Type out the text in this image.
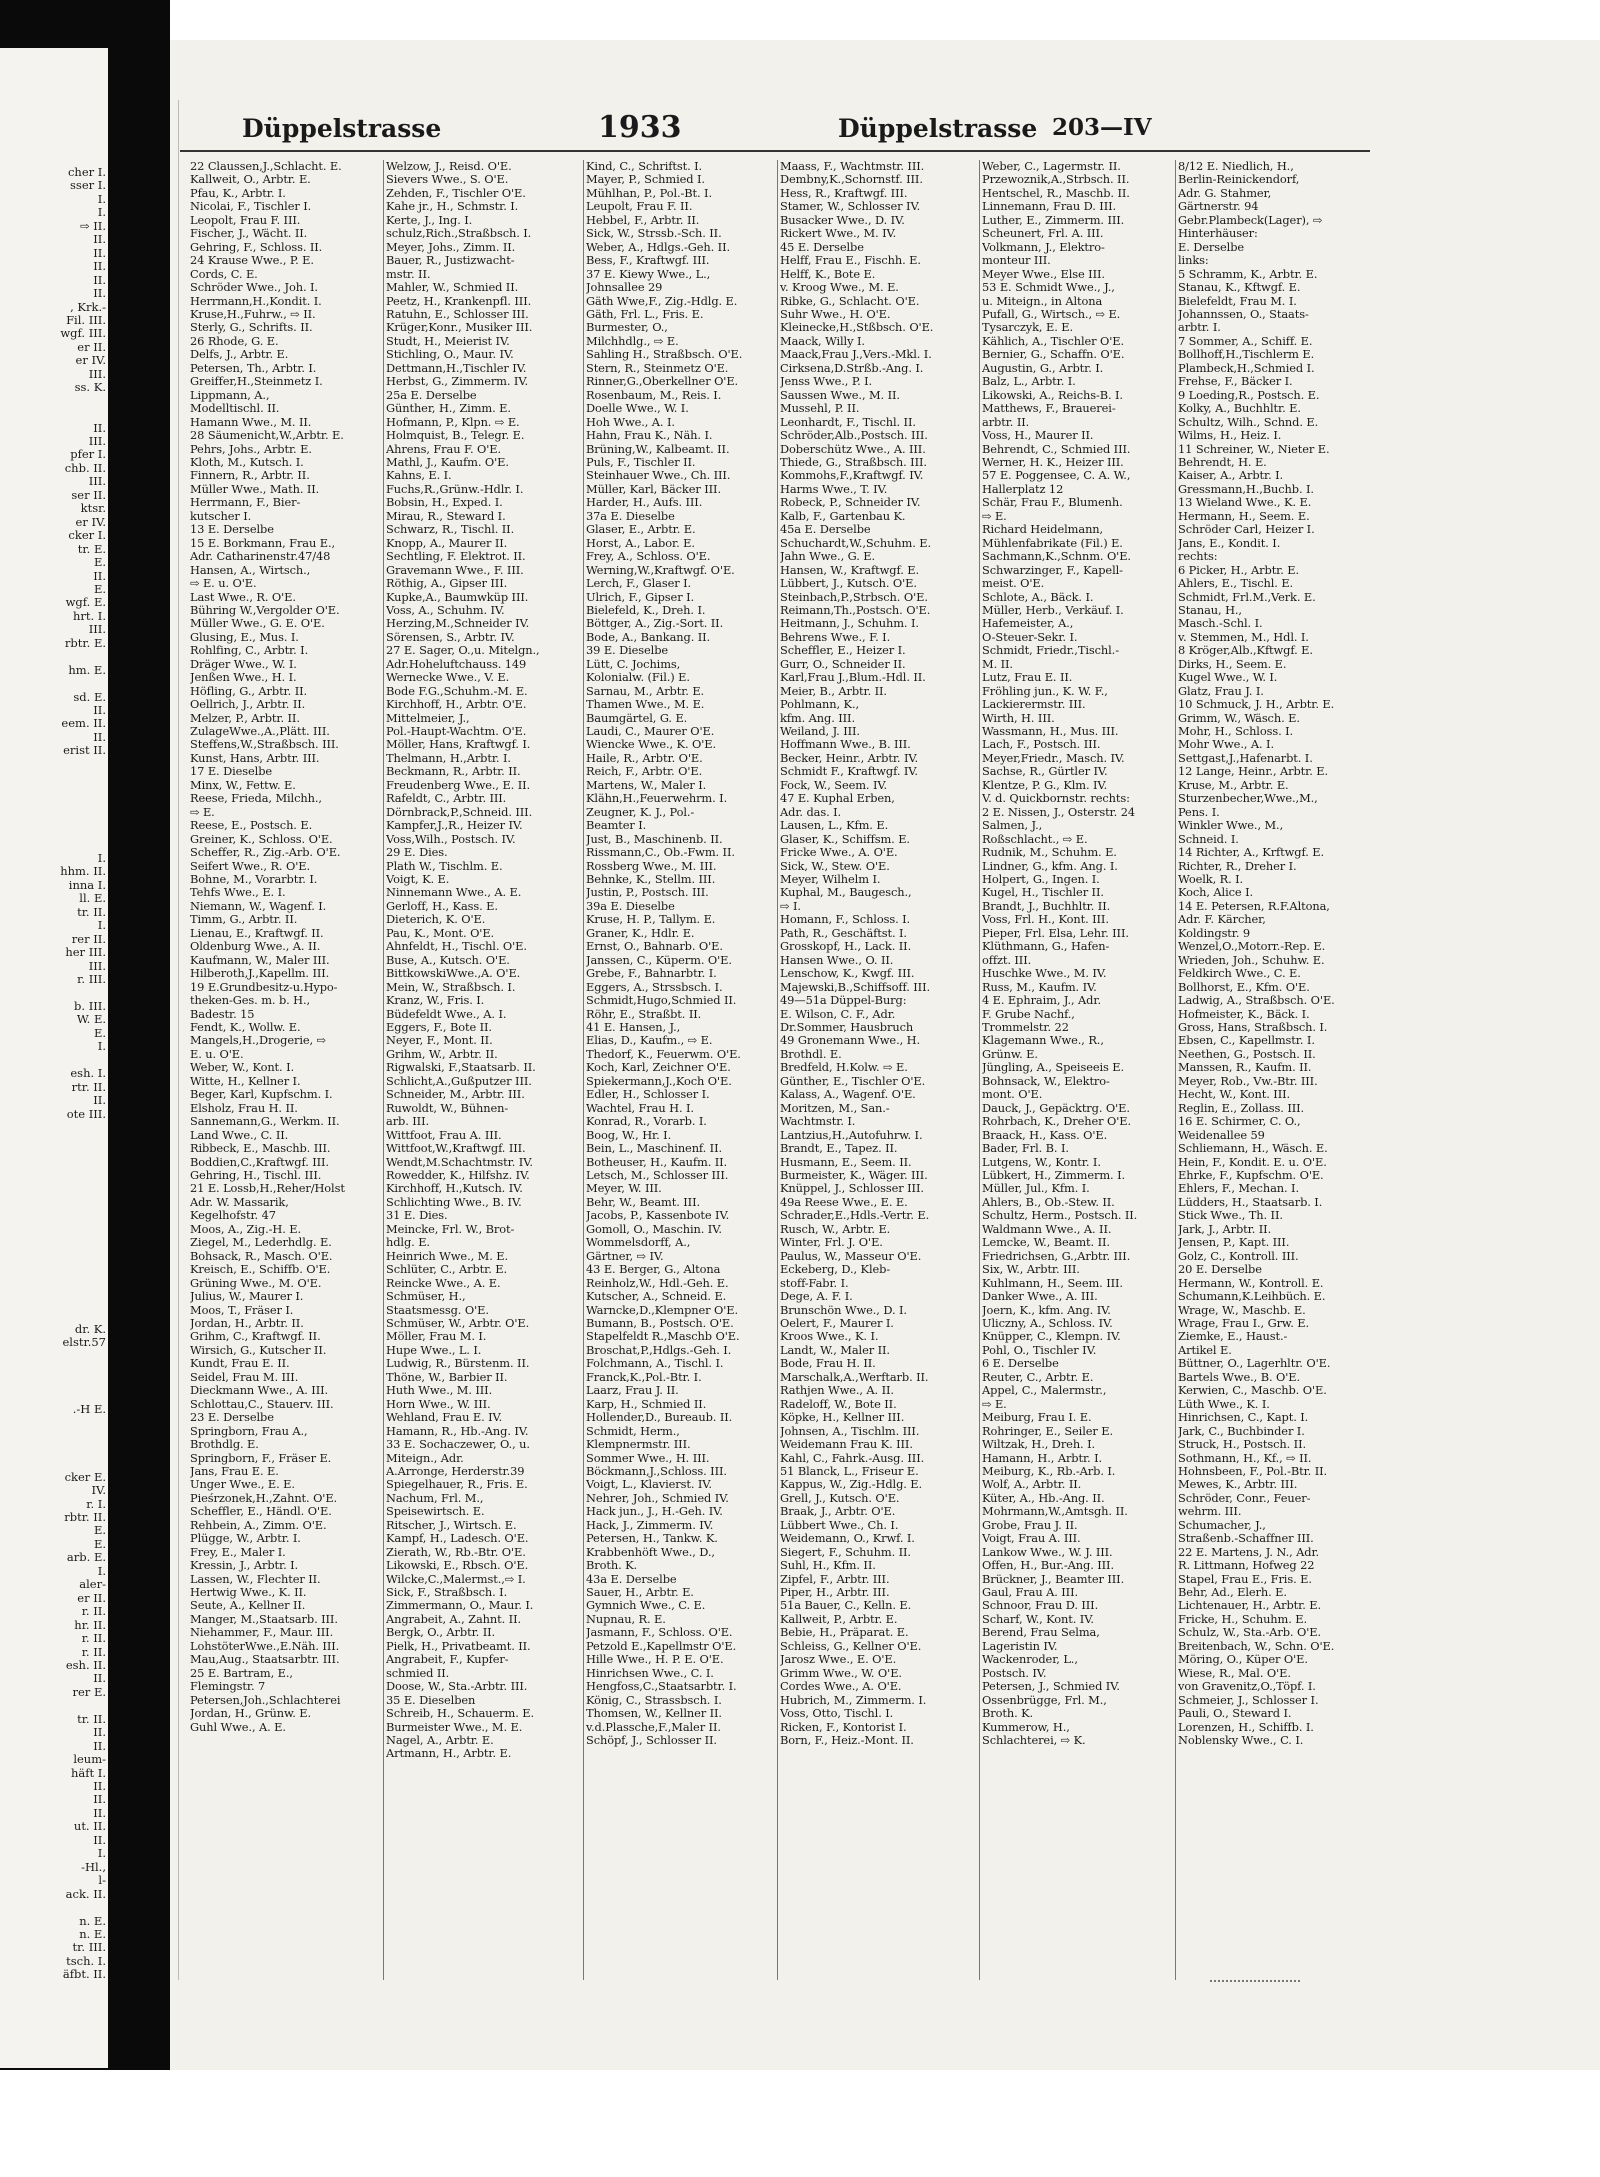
cher I.
sser I.
I.
I.
⇨ II.
II.
II.
II.
II.
II.
, Krk.-
Fil. III.
wgf. III.
er II.
er IV.
III.
ss. K.
II.
III.
pfer I.
chb. II.
III.
ser II.
ktsr.
er IV.
cker I.
tr. E.
E.
II.
E.
wgf. E.
hrt. I.
III.
rbtr. E.
hm. E.
sd. E.
II.
eem. II.
II.
erist II.
I.
hhm. II.
inna I.
ll. E.
tr. II.
I.
rer II.
her III.
III.
r. III.
b. III.
W. E.
E.
I.
esh. I.
rtr. II.
II.
ote III.
dr. K.
elstr.57
.-H E.
cker E.
IV.
r. I.
rbtr. II.
E.
E.
arb. E.
I.
aler-
er II.
r. II.
hr. II.
r. II.
r. II.
esh. II.
II.
rer E.
tr. II.
II.
II.
leum-
häft I.
II.
II.
II.
ut. II.
II.
I.
-Hl.,
l-
ack. II.
n. E.
n. E.
tr. III.
tsch. I.
äfbt. II.
Düppelstrasse	1933	Düppelstrasse 203—IV
22 Claussen,J.,Schlacht. E.
Kallweit, O., Arbtr. E.
Pfau, K., Arbtr. I.
Nicolai, F., Tischler I.
Leopolt, Frau F. III.
Fischer, J., Wächt. II.
Gehring, F., Schloss. II.
24 Krause Wwe., P. E.
Cords, C. E.
Schröder Wwe., Joh. I.
Herrmann,H.,Kondit. I.
Kruse,H.,Fuhrw., ⇨ II.
Sterly, G., Schrifts. II.
26 Rhode, G. E.
Delfs, J., Arbtr. E.
Petersen, Th., Arbtr. I.
Greiffer,H.,Steinmetz I.
Lippmann, A.,
Modelltischl. II.
Hamann Wwe., M. II.
28 Säumenicht,W.,Arbtr. E.
Pehrs, Johs., Arbtr. E.
Kloth, M., Kutsch. I.
Finnern, R., Arbtr. II.
Müller Wwe., Math. II.
Herrmann, F., Bier-
kutscher I.
13 E. Derselbe
15 E. Borkmann, Frau E.,
Adr. Catharinenstr.47/48
Hansen, A., Wirtsch.,
⇨ E. u. O'E.
Last Wwe., R. O'E.
Bühring W.,Vergolder O'E.
Müller Wwe., G. E. O'E.
Glusing, E., Mus. I.
Rohlfing, C., Arbtr. I.
Dräger Wwe., W. I.
Jenßen Wwe., H. I.
Höfling, G., Arbtr. II.
Oellrich, J., Arbtr. II.
Melzer, P., Arbtr. II.
ZulageWwe.,A.,Plätt. III.
Steffens,W.,Straßbsch. III.
Kunst, Hans, Arbtr. III.
17 E. Dieselbe
Minx, W., Fettw. E.
Reese, Frieda, Milchh.,
⇨ E.
Reese, E., Postsch. E.
Greiner, K., Schloss. O'E.
Scheffer, R., Zig.-Arb. O'E.
Seifert Wwe., R. O'E.
Bohne, M., Vorarbtr. I.
Tehfs Wwe., E. I.
Niemann, W., Wagenf. I.
Timm, G., Arbtr. II.
Lienau, E., Kraftwgf. II.
Oldenburg Wwe., A. II.
Kaufmann, W., Maler III.
Hilberoth,J.,Kapellm. III.
19 E.Grundbesitz-u.Hypo-
theken-Ges. m. b. H.,
Badestr. 15
Fendt, K., Wollw. E.
Mangels,H.,Drogerie, ⇨
E. u. O'E.
Weber, W., Kont. I.
Witte, H., Kellner I.
Beger, Karl, Kupfschm. I.
Elsholz, Frau H. II.
Sannemann,G., Werkm. II.
Land Wwe., C. II.
Ribbeck, E., Maschb. III.
Boddien,C.,Kraftwgf. III.
Gehring, H., Tischl. III.
21 E. Lossb,H.,Reher/Holst
Adr. W. Massarik,
Kegelhofstr. 47
Moos, A., Zig.-H. E.
Ziegel, M., Lederhdlg. E.
Bohsack, R., Masch. O'E.
Kreisch, E., Schiffb. O'E.
Grüning Wwe., M. O'E.
Julius, W., Maurer I.
Moos, T., Fräser I.
Jordan, H., Arbtr. II.
Grihm, C., Kraftwgf. II.
Wirsich, G., Kutscher II.
Kundt, Frau E. II.
Seidel, Frau M. III.
Dieckmann Wwe., A. III.
Schlottau,C., Stauerv. III.
23 E. Derselbe
Springborn, Frau A.,
Brothdlg. E.
Springborn, F., Fräser E.
Jans, Frau E. E.
Unger Wwe., E. E.
Pieśrzonek,H.,Zahnt. O'E.
Scheffler, E., Händl. O'E.
Rehbein, A., Zimm. O'E.
Plügge, W., Arbtr. I.
Frey, E., Maler I.
Kressin, J., Arbtr. I.
Lassen, W., Flechter II.
Hertwig Wwe., K. II.
Seute, A., Kellner II.
Manger, M.,Staatsarb. III.
Niehammer, F., Maur. III.
LohstöterWwe.,E.Näh. III.
Mau,Aug., Staatsarbtr. III.
25 E. Bartram, E.,
Flemingstr. 7
Petersen,Joh.,Schlachterei
Jordan, H., Grünw. E.
Guhl Wwe., A. E.
Welzow, J., Reisd. O'E.
Sievers Wwe., S. O'E.
Zehden, F., Tischler O'E.
Kahe jr., H., Schmstr. I.
Kerte, J., Ing. I.
schulz,Rich.,Straßbsch. I.
Meyer, Johs., Zimm. II.
Bauer, R., Justizwacht-
mstr. II.
Mahler, W., Schmied II.
Peetz, H., Krankenpfl. III.
Ratuhn, E., Schlosser III.
Krüger,Konr., Musiker III.
Studt, H., Meierist IV.
Stichling, O., Maur. IV.
Dettmann,H.,Tischler IV.
Herbst, G., Zimmerm. IV.
25a E. Derselbe
Günther, H., Zimm. E.
Hofmann, P., Klpn. ⇨ E.
Holmquist, B., Telegr. E.
Ahrens, Frau F. O'E.
Mathl, J., Kaufm. O'E.
Kahns, E. I.
Fuchs,R.,Grünw.-Hdlr. I.
Bobsin, H., Exped. I.
Mirau, R., Steward I.
Schwarz, R., Tischl. II.
Knopp, A., Maurer II.
Sechtling, F. Elektrot. II.
Gravemann Wwe., F. III.
Röthig, A., Gipser III.
Kupke,A., Baumwküp III.
Voss, A., Schuhm. IV.
Herzing,M.,Schneider IV.
Sörensen, S., Arbtr. IV.
27 E. Sager, O.,u. Mitelgn.,
Adr.Hoheluftchauss. 149
Wernecke Wwe., V. E.
Bode F.G.,Schuhm.-M. E.
Kirchhoff, H., Arbtr. O'E.
Mittelmeier, J.,
Pol.-Haupt-Wachtm. O'E.
Möller, Hans, Kraftwgf. I.
Thelmann, H.,Arbtr. I.
Beckmann, R., Arbtr. II.
Freudenberg Wwe., E. II.
Rafeldt, C., Arbtr. III.
Dörnbrack,P.,Schneid. III.
Kampfer,J.,R., Heizer IV.
Voss,Wilh., Postsch. IV.
29 E. Dies.
Plath W., Tischlm. E.
Voigt, K. E.
Ninnemann Wwe., A. E.
Gerloff, H., Kass. E.
Dieterich, K. O'E.
Pau, K., Mont. O'E.
Ahnfeldt, H., Tischl. O'E.
Buse, A., Kutsch. O'E.
BittkowskiWwe.,A. O'E.
Mein, W., Straßbsch. I.
Kranz, W., Fris. I.
Büdefeldt Wwe., A. I.
Eggers, F., Bote II.
Neyer, F., Mont. II.
Grihm, W., Arbtr. II.
Rigwalski, F.,Staatsarb. II.
Schlicht,A.,Gußputzer III.
Schneider, M., Arbtr. III.
Ruwoldt, W., Bühnen-
arb. III.
Wittfoot, Frau A. III.
Wittfoot,W.,Kraftwgf. III.
Wendt,M.Schachtmstr. IV.
Rowedder, K., Hilfshz. IV.
Kirchhoff, H.,Kutsch. IV.
Schlichting Wwe., B. IV.
31 E. Dies.
Meincke, Frl. W., Brot-
hdlg. E.
Heinrich Wwe., M. E.
Schlüter, C., Arbtr. E.
Reincke Wwe., A. E.
Schmüser, H.,
Staatsmessg. O'E.
Schmüser, W., Arbtr. O'E.
Möller, Frau M. I.
Hupe Wwe., L. I.
Ludwig, R., Bürstenm. II.
Thöne, W., Barbier II.
Huth Wwe., M. III.
Horn Wwe., W. III.
Wehland, Frau E. IV.
Hamann, R., Hb.-Ang. IV.
33 E. Sochaczewer, O., u.
Miteign., Adr.
A.Arronge, Herderstr.39
Spiegelhauer, R., Fris. E.
Nachum, Frl. M.,
Speisewirtsch. E.
Ritscher, J., Wirtsch. E.
Kampf, H., Ladesch. O'E.
Zierath, W., Rb.-Btr. O'E.
Likowski, E., Rbsch. O'E.
Wilcke,C.,Malermst.,⇨ I.
Sick, F., Straßbsch. I.
Zimmermann, O., Maur. I.
Angrabeit, A., Zahnt. II.
Bergk, O., Arbtr. II.
Pielk, H., Privatbeamt. II.
Angrabeit, F., Kupfer-
schmied II.
Doose, W., Sta.-Arbtr. III.
35 E. Dieselben
Schreib, H., Schauerm. E.
Burmeister Wwe., M. E.
Nagel, A., Arbtr. E.
Artmann, H., Arbtr. E.
Kind, C., Schriftst. I.
Mayer, P., Schmied I.
Mühlhan, P., Pol.-Bt. I.
Leupolt, Frau F. II.
Hebbel, F., Arbtr. II.
Sick, W., Strssb.-Sch. II.
Weber, A., Hdlgs.-Geh. II.
Bess, F., Kraftwgf. III.
37 E. Kiewy Wwe., L.,
Johnsallee 29
Gäth Wwe,F., Zig.-Hdlg. E.
Gäth, Frl. L., Fris. E.
Burmester, O.,
Milchhdlg., ⇨ E.
Sahling H., Straßbsch. O'E.
Stern, R., Steinmetz O'E.
Rinner,G.,Oberkellner O'E.
Rosenbaum, M., Reis. I.
Doelle Wwe., W. I.
Hoh Wwe., A. I.
Hahn, Frau K., Näh. I.
Brüning,W., Kalbeamt. II.
Puls, F., Tischler II.
Steinhauer Wwe., Ch. III.
Müller, Karl, Bäcker III.
Harder, H., Aufs. III.
37a E. Dieselbe
Glaser, E., Arbtr. E.
Horst, A., Labor. E.
Frey, A., Schloss. O'E.
Werning,W.,Kraftwgf. O'E.
Lerch, F., Glaser I.
Ulrich, F., Gipser I.
Bielefeld, K., Dreh. I.
Böttger, A., Zig.-Sort. II.
Bode, A., Bankang. II.
39 E. Dieselbe
Lütt, C. Jochims,
Kolonialw. (Fil.) E.
Sarnau, M., Arbtr. E.
Thamen Wwe., M. E.
Baumgärtel, G. E.
Laudi, C., Maurer O'E.
Wiencke Wwe., K. O'E.
Haile, R., Arbtr. O'E.
Reich, F., Arbtr. O'E.
Martens, W., Maler I.
Klähn,H.,Feuerwehrm. I.
Zeugner, K. J., Pol.-
Beamter I.
Just, B., Maschinenb. II.
Rissmann,C., Ob.-Fwm. II.
Rossberg Wwe., M. III.
Behnke, K., Stellm. III.
Justin, P., Postsch. III.
39a E. Dieselbe
Kruse, H. P., Tallym. E.
Graner, K., Hdlr. E.
Ernst, O., Bahnarb. O'E.
Janssen, C., Küperm. O'E.
Grebe, F., Bahnarbtr. I.
Eggers, A., Strssbsch. I.
Schmidt,Hugo,Schmied II.
Röhr, E., Straßbt. II.
41 E. Hansen, J.,
Elias, D., Kaufm., ⇨ E.
Thedorf, K., Feuerwm. O'E.
Koch, Karl, Zeichner O'E.
Spiekermann,J.,Koch O'E.
Edler, H., Schlosser I.
Wachtel, Frau H. I.
Konrad, R., Vorarb. I.
Boog, W., Hr. I.
Bein, L., Maschinenf. II.
Botheuser, H., Kaufm. II.
Letsch, M., Schlosser III.
Meyer, W. III.
Behr, W., Beamt. III.
Jacobs, P., Kassenbote IV.
Gomoll, O., Maschin. IV.
Wommelsdorff, A.,
Gärtner, ⇨ IV.
43 E. Berger, G., Altona
Reinholz,W., Hdl.-Geh. E.
Kutscher, A., Schneid. E.
Warncke,D.,Klempner O'E.
Bumann, B., Postsch. O'E.
Stapelfeldt R.,Maschb O'E.
Broschat,P.,Hdlgs.-Geh. I.
Folchmann, A., Tischl. I.
Franck,K.,Pol.-Btr. I.
Laarz, Frau J. II.
Karp, H., Schmied II.
Hollender,D., Bureaub. II.
Schmidt, Herm.,
Klempnermstr. III.
Sommer Wwe., H. III.
Böckmann,J.,Schloss. III.
Voigt, L., Klavierst. IV.
Nehrer, Joh., Schmied IV.
Hack jun., J., H.-Geh. IV.
Hack, J., Zimmerm. IV.
Petersen, H., Tankw. K.
Krabbenhöft Wwe., D.,
Broth. K.
43a E. Derselbe
Sauer, H., Arbtr. E.
Gymnich Wwe., C. E.
Nupnau, R. E.
Jasmann, F., Schloss. O'E.
Petzold E.,Kapellmstr O'E.
Hille Wwe., H. P. E. O'E.
Hinrichsen Wwe., C. I.
Hengfoss,C.,Staatsarbtr. I.
König, C., Strassbsch. I.
Thomsen, W., Kellner II.
v.d.Plassche,F.,Maler II.
Schöpf, J., Schlosser II.
Maass, F., Wachtmstr. III.
Dembny,K.,Schornstf. III.
Hess, R., Kraftwgf. III.
Stamer, W., Schlosser IV.
Busacker Wwe., D. IV.
Rickert Wwe., M. IV.
45 E. Derselbe
Helff, Frau E., Fischh. E.
Helff, K., Bote E.
v. Kroog Wwe., M. E.
Ribke, G., Schlacht. O'E.
Suhr Wwe., H. O'E.
Kleinecke,H.,Stßbsch. O'E.
Maack, Willy I.
Maack,Frau J.,Vers.-Mkl. I.
Cirksena,D.Strßb.-Ang. I.
Jenss Wwe., P. I.
Saussen Wwe., M. II.
Mussehl, P. II.
Leonhardt, F., Tischl. II.
Schröder,Alb.,Postsch. III.
Doberschütz Wwe., A. III.
Thiede, G., Straßbsch. III.
Kommohs,F.,Kraftwgf. IV.
Harms Wwe., T. IV.
Robeck, P., Schneider IV.
Kalb, F., Gartenbau K.
45a E. Derselbe
Schuchardt,W.,Schuhm. E.
Jahn Wwe., G. E.
Hansen, W., Kraftwgf. E.
Lübbert, J., Kutsch. O'E.
Steinbach,P.,Strbsch. O'E.
Reimann,Th.,Postsch. O'E.
Heitmann, J., Schuhm. I.
Behrens Wwe., F. I.
Scheffler, E., Heizer I.
Gurr, O., Schneider II.
Karl,Frau J.,Blum.-Hdl. II.
Meier, B., Arbtr. II.
Pohlmann, K.,
kfm. Ang. III.
Weiland, J. III.
Hoffmann Wwe., B. III.
Becker, Heinr., Arbtr. IV.
Schmidt F., Kraftwgf. IV.
Fock, W., Seem. IV.
47 E. Kuphal Erben,
Adr. das. I.
Lausen, L., Kfm. E.
Glaser, K., Schiffsm. E.
Fricke Wwe., A. O'E.
Sick, W., Stew. O'E.
Meyer, Wilhelm I.
Kuphal, M., Baugesch.,
⇨ I.
Homann, F., Schloss. I.
Path, R., Geschäftst. I.
Grosskopf, H., Lack. II.
Hansen Wwe., O. II.
Lenschow, K., Kwgf. III.
Majewski,B.,Schiffsoff. III.
49—51a Düppel-Burg:
E. Wilson, C. F., Adr.
Dr.Sommer, Hausbruch
49 Gronemann Wwe., H.
Brothdl. E.
Bredfeld, H.Kolw. ⇨ E.
Günther, E., Tischler O'E.
Kalass, A., Wagenf. O'E.
Moritzen, M., San.-
Wachtmstr. I.
Lantzius,H.,Autofuhrw. I.
Brandt, E., Tapez. II.
Husmann, E., Seem. II.
Burmeister, K., Wäger. III.
Knüppel, J., Schlosser III.
49a Reese Wwe., E. E.
Schrader,E.,Hdls.-Vertr. E.
Rusch, W., Arbtr. E.
Winter, Frl. J. O'E.
Paulus, W., Masseur O'E.
Eckeberg, D., Kleb-
stoff-Fabr. I.
Dege, A. F. I.
Brunschön Wwe., D. I.
Oelert, F., Maurer I.
Kroos Wwe., K. I.
Landt, W., Maler II.
Bode, Frau H. II.
Marschalk,A.,Werftarb. II.
Rathjen Wwe., A. II.
Radeloff, W., Bote II.
Köpke, H., Kellner III.
Johnsen, A., Tischlm. III.
Weidemann Frau K. III.
Kahl, C., Fahrk.-Ausg. III.
51 Blanck, L., Friseur E.
Kappus, W., Zig.-Hdlg. E.
Grell, J., Kutsch. O'E.
Braak, J., Arbtr. O'E.
Lübbert Wwe., Ch. I.
Weidemann, O., Krwf. I.
Siegert, F., Schuhm. II.
Suhl, H., Kfm. II.
Zipfel, F., Arbtr. III.
Piper, H., Arbtr. III.
51a Bauer, C., Kelln. E.
Kallweit, P., Arbtr. E.
Bebie, H., Präparat. E.
Schleiss, G., Kellner O'E.
Jarosz Wwe., E. O'E.
Grimm Wwe., W. O'E.
Cordes Wwe., A. O'E.
Hubrich, M., Zimmerm. I.
Voss, Otto, Tischl. I.
Ricken, F., Kontorist I.
Born, F., Heiz.-Mont. II.
Weber, C., Lagermstr. II.
Przewoznik,A.,Strbsch. II.
Hentschel, R., Maschb. II.
Linnemann, Frau D. III.
Luther, E., Zimmerm. III.
Scheunert, Frl. A. III.
Volkmann, J., Elektro-
monteur III.
Meyer Wwe., Else III.
53 E. Schmidt Wwe., J.,
u. Miteign., in Altona
Pufall, G., Wirtsch., ⇨ E.
Tysarczyk, E. E.
Kählich, A., Tischler O'E.
Bernier, G., Schaffn. O'E.
Augustin, G., Arbtr. I.
Balz, L., Arbtr. I.
Likowski, A., Reichs-B. I.
Matthews, F., Brauerei-
arbtr. II.
Voss, H., Maurer II.
Behrendt, C., Schmied III.
Werner, H. K., Heizer III.
57 E. Poggensee, C. A. W.,
Hallerplatz 12
Schär, Frau F., Blumenh.
⇨ E.
Richard Heidelmann,
Mühlenfabrikate (Fil.) E.
Sachmann,K.,Schnm. O'E.
Schwarzinger, F., Kapell-
meist. O'E.
Schlote, A., Bäck. I.
Müller, Herb., Verkäuf. I.
Hafemeister, A.,
O-Steuer-Sekr. I.
Schmidt, Friedr.,Tischl.-
M. II.
Lutz, Frau E. II.
Fröhling jun., K. W. F.,
Lackierermstr. III.
Wirth, H. III.
Wassmann, H., Mus. III.
Lach, F., Postsch. III.
Meyer,Friedr., Masch. IV.
Sachse, R., Gürtler IV.
Klentze, P. G., Klm. IV.
V. d. Quickbornstr. rechts:
2 E. Nissen, J., Osterstr. 24
Salmen, J.,
Roßschlacht., ⇨ E.
Rudnik, M., Schuhm. E.
Lindner, G., kfm. Ang. I.
Holpert, G., Ingen. I.
Kugel, H., Tischler II.
Brandt, J., Buchhltr. II.
Voss, Frl. H., Kont. III.
Pieper, Frl. Elsa, Lehr. III.
Klüthmann, G., Hafen-
offzt. III.
Huschke Wwe., M. IV.
Russ, M., Kaufm. IV.
4 E. Ephraim, J., Adr.
F. Grube Nachf.,
Trommelstr. 22
Klagemann Wwe., R.,
Grünw. E.
Jüngling, A., Speiseeis E.
Bohnsack, W., Elektro-
mont. O'E.
Dauck, J., Gepäcktrg. O'E.
Rohrbach, K., Dreher O'E.
Braack, H., Kass. O'E.
Bader, Frl. B. I.
Lutgens, W., Kontr. I.
Lübkert, H., Zimmerm. I.
Müller, Jul., Kfm. I.
Ahlers, B., Ob.-Stew. II.
Schultz, Herm., Postsch. II.
Waldmann Wwe., A. II.
Lemcke, W., Beamt. II.
Friedrichsen, G.,Arbtr. III.
Six, W., Arbtr. III.
Kuhlmann, H., Seem. III.
Danker Wwe., A. III.
Joern, K., kfm. Ang. IV.
Uliczny, A., Schloss. IV.
Knüpper, C., Klempn. IV.
Pohl, O., Tischler IV.
6 E. Derselbe
Reuter, C., Arbtr. E.
Appel, C., Malermstr.,
⇨ E.
Meiburg, Frau I. E.
Rohringer, E., Seiler E.
Wiltzak, H., Dreh. I.
Hamann, H., Arbtr. I.
Meiburg, K., Rb.-Arb. I.
Wolf, A., Arbtr. II.
Küter, A., Hb.-Ang. II.
Mohrmann,W.,Amtsgh. II.
Grobe, Frau J. II.
Voigt, Frau A. III.
Lankow Wwe., W. J. III.
Offen, H., Bur.-Ang. III.
Brückner, J., Beamter III.
Gaul, Frau A. III.
Schnoor, Frau D. III.
Scharf, W., Kont. IV.
Berend, Frau Selma,
Lageristin IV.
Wackenroder, L.,
Postsch. IV.
Petersen, J., Schmied IV.
Ossenbrügge, Frl. M.,
Broth. K.
Kummerow, H.,
Schlachterei, ⇨ K.
8/12 E. Niedlich, H.,
Berlin-Reinickendorf,
Adr. G. Stahmer,
Gärtnerstr. 94
Gebr.Plambeck(Lager), ⇨
Hinterhäuser:
E. Derselbe
links:
5 Schramm, K., Arbtr. E.
Stanau, K., Kftwgf. E.
Bielefeldt, Frau M. I.
Johannssen, O., Staats-
arbtr. I.
7 Sommer, A., Schiff. E.
Bollhoff,H.,Tischlerm E.
Plambeck,H.,Schmied I.
Frehse, F., Bäcker I.
9 Loeding,R., Postsch. E.
Kolky, A., Buchhltr. E.
Schultz, Wilh., Schnd. E.
Wilms, H., Heiz. I.
11 Schreiner, W., Nieter E.
Behrendt, H. E.
Kaiser, A., Arbtr. I.
Gressmann,H.,Buchb. I.
13 Wieland Wwe., K. E.
Hermann, H., Seem. E.
Schröder Carl, Heizer I.
Jans, E., Kondit. I.
rechts:
6 Picker, H., Arbtr. E.
Ahlers, E., Tischl. E.
Schmidt, Frl.M.,Verk. E.
Stanau, H.,
Masch.-Schl. I.
v. Stemmen, M., Hdl. I.
8 Kröger,Alb.,Kftwgf. E.
Dirks, H., Seem. E.
Kugel Wwe., W. I.
Glatz, Frau J. I.
10 Schmuck, J. H., Arbtr. E.
Grimm, W., Wäsch. E.
Mohr, H., Schloss. I.
Mohr Wwe., A. I.
Settgast,J.,Hafenarbt. I.
12 Lange, Heinr., Arbtr. E.
Kruse, M., Arbtr. E.
Sturzenbecher,Wwe.,M.,
Pens. I.
Winkler Wwe., M.,
Schneid. I.
14 Richter, A., Krftwgf. E.
Richter, R., Dreher I.
Woelk, R. I.
Koch, Alice I.
14 E. Petersen, R.F.Altona,
Adr. F. Kärcher,
Koldingstr. 9
Wenzel,O.,Motorr.-Rep. E.
Wrieden, Joh., Schuhw. E.
Feldkirch Wwe., C. E.
Bollhorst, E., Kfm. O'E.
Ladwig, A., Straßbsch. O'E.
Hofmeister, K., Bäck. I.
Gross, Hans, Straßbsch. I.
Ebsen, C., Kapellmstr. I.
Neethen, G., Postsch. II.
Manssen, R., Kaufm. II.
Meyer, Rob., Vw.-Btr. III.
Hecht, W., Kont. III.
Reglin, E., Zollass. III.
16 E. Schirmer, C. O.,
Weidenallee 59
Schliemann, H., Wäsch. E.
Hein, F., Kondit. E. u. O'E.
Ehrke, F., Kupfschm. O'E.
Ehlers, F., Mechan. I.
Lüdders, H., Staatsarb. I.
Stick Wwe., Th. II.
Jark, J., Arbtr. II.
Jensen, P., Kapt. III.
Golz, C., Kontroll. III.
20 E. Derselbe
Hermann, W., Kontroll. E.
Schumann,K.Leihbüch. E.
Wrage, W., Maschb. E.
Wrage, Frau I., Grw. E.
Ziemke, E., Haust.-
Artikel E.
Büttner, O., Lagerhltr. O'E.
Bartels Wwe., B. O'E.
Kerwien, C., Maschb. O'E.
Lüth Wwe., K. I.
Hinrichsen, C., Kapt. I.
Jark, C., Buchbinder I.
Struck, H., Postsch. II.
Sothmann, H., Kf., ⇨ II.
Hohnsbeen, F., Pol.-Btr. II.
Mewes, K., Arbtr. III.
Schröder, Conr., Feuer-
wehrm. III.
Schumacher, J.,
Straßenb.-Schaffner III.
22 E. Martens, J. N., Adr.
R. Littmann, Hofweg 22
Stapel, Frau E., Fris. E.
Behr, Ad., Elerh. E.
Lichtenauer, H., Arbtr. E.
Fricke, H., Schuhm. E.
Schulz, W., Sta.-Arb. O'E.
Breitenbach, W., Schn. O'E.
Möring, O., Küper O'E.
Wiese, R., Mal. O'E.
von Gravenitz,O.,Töpf. I.
Schmeier, J., Schlosser I.
Pauli, O., Steward I.
Lorenzen, H., Schiffb. I.
Noblensky Wwe., C. I.
